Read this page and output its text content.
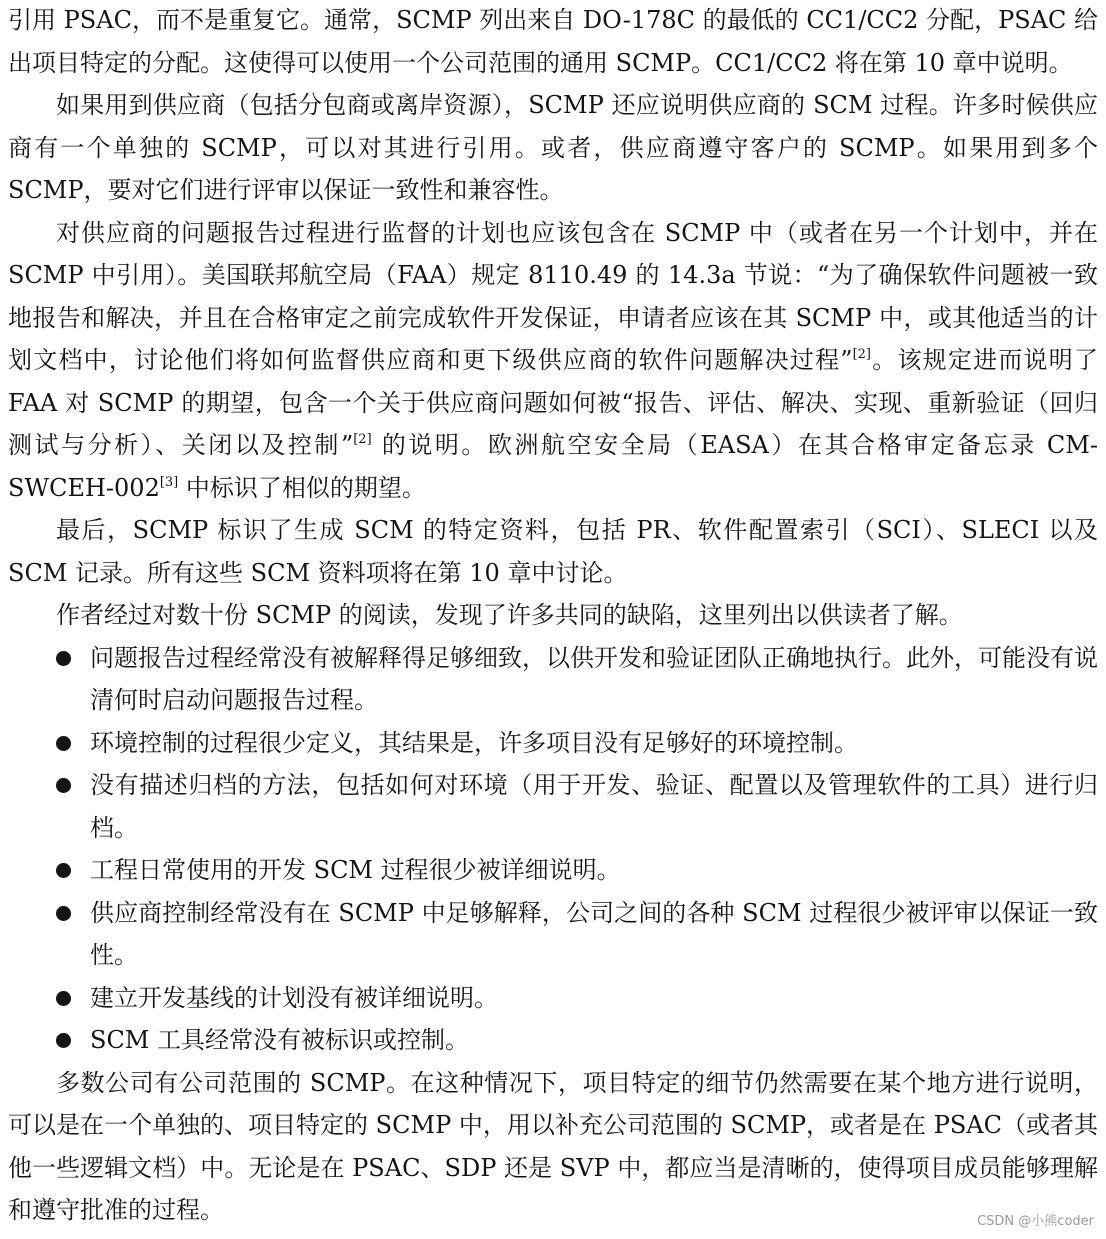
引用 PSAC，而不是重复它。通常，SCMP 列出来自 DO-178C 的最低的 CC1/CC2 分配，PSAC 给出项目特定的分配。这使得可以使用一个公司范围的通用 SCMP。CC1/CC2 将在第 10 章中说明。

如果用到供应商（包括分包商或离岸资源），SCMP 还应说明供应商的 SCM 过程。许多时候供应商有一个单独的 SCMP，可以对其进行引用。或者，供应商遵守客户的 SCMP。如果用到多个 SCMP，要对它们进行评审以保证一致性和兼容性。

对供应商的问题报告过程进行监督的计划也应该包含在 SCMP 中（或者在另一个计划中，并在 SCMP 中引用）。美国联邦航空局（FAA）规定 8110.49 的 14.3a 节说：“为了确保软件问题被一致地报告和解决，并且在合格审定之前完成软件开发保证，申请者应该在其 SCMP 中，或其他适当的计划文档中，讨论他们将如何监督供应商和更下级供应商的软件问题解决过程”[2]。该规定进而说明了 FAA 对 SCMP 的期望，包含一个关于供应商问题如何被“报告、评估、解决、实现、重新验证（回归测试与分析）、关闭以及控制”[2] 的说明。欧洲航空安全局（EASA）在其合格审定备忘录 CM-SWCEH-002[3] 中标识了相似的期望。

最后，SCMP 标识了生成 SCM 的特定资料，包括 PR、软件配置索引（SCI）、SLECI 以及 SCM 记录。所有这些 SCM 资料项将在第 10 章中讨论。

作者经过对数十份 SCMP 的阅读，发现了许多共同的缺陷，这里列出以供读者了解。

问题报告过程经常没有被解释得足够细致，以供开发和验证团队正确地执行。此外，可能没有说清何时启动问题报告过程。
环境控制的过程很少定义，其结果是，许多项目没有足够好的环境控制。
没有描述归档的方法，包括如何对环境（用于开发、验证、配置以及管理软件的工具）进行归档。
工程日常使用的开发 SCM 过程很少被详细说明。
供应商控制经常没有在 SCMP 中足够解释，公司之间的各种 SCM 过程很少被评审以保证一致性。
建立开发基线的计划没有被详细说明。
SCM 工具经常没有被标识或控制。

多数公司有公司范围的 SCMP。在这种情况下，项目特定的细节仍然需要在某个地方进行说明，可以是在一个单独的、项目特定的 SCMP 中，用以补充公司范围的 SCMP，或者是在 PSAC（或者其他一些逻辑文档）中。无论是在 PSAC、SDP 还是 SVP 中，都应当是清晰的，使得项目成员能够理解和遵守批准的过程。	CSDN @小熊coder
